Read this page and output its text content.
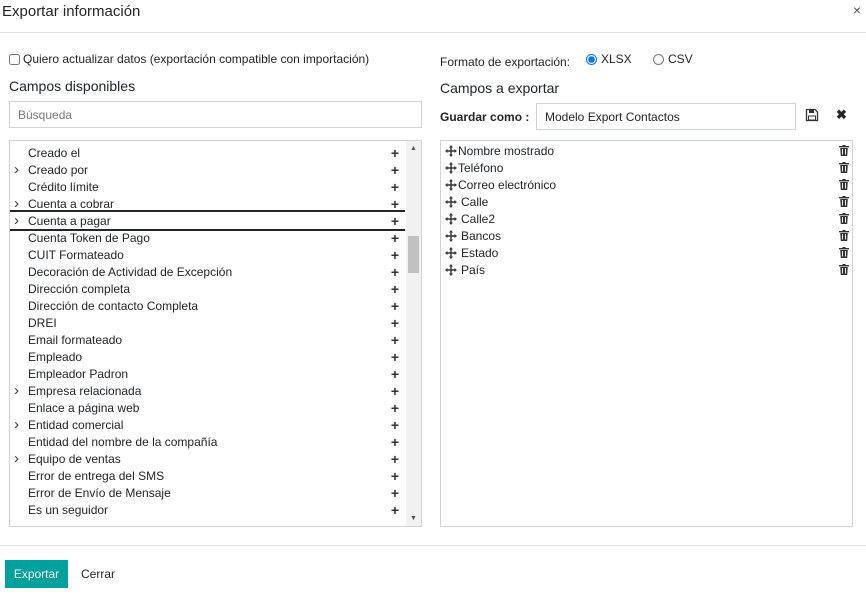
Exportar información	×
Quiero actualizar datos (exportación compatible con importación)
Campos disponibles
Búsqueda
Creado el	+
› Creado por	+
Crédito límite	+
› Cuenta a cobrar	+
› Cuenta a pagar	+
Cuenta Token de Pago	+
CUIT Formateado	+
Decoración de Actividad de Excepción	+
Dirección completa	+
Dirección de contacto Completa	+
DREI	+
Email formateado	+
Empleado	+
Empleador Padron	+
› Empresa relacionada	+
Enlace a página web	+
› Entidad comercial	+
Entidad del nombre de la compañía	+
› Equipo de ventas	+
Error de entrega del SMS	+
Error de Envío de Mensaje	+
Es un seguidor	+
▲
▼
Formato de exportación:	XLSX	CSV
Campos a exportar
Guardar como :
Modelo Export Contactos	✖
Nombre mostrado
Teléfono
Correo electrónico
Calle
Calle2
Bancos
Estado
País
Exportar	Cerrar
